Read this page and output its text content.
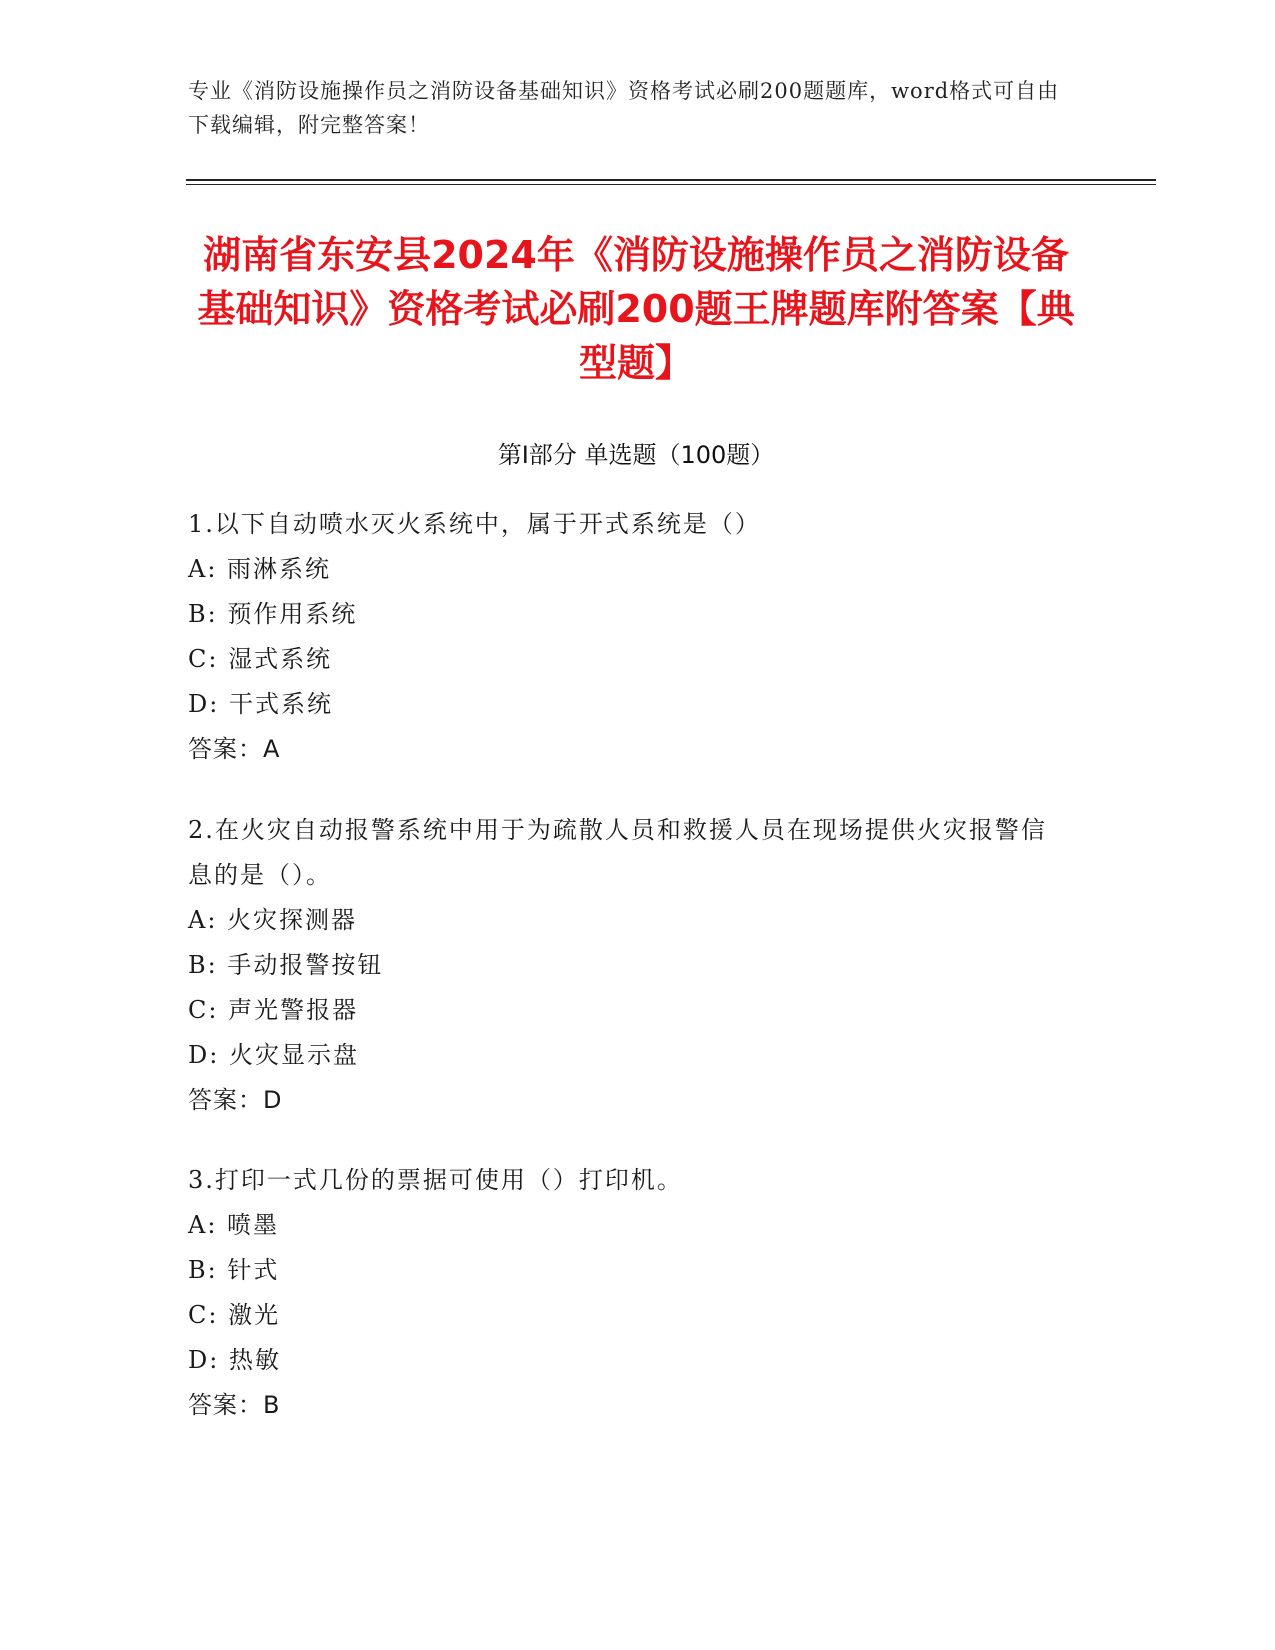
专业《消防设施操作员之消防设备基础知识》资格考试必刷200题题库，word格式可自由下载编辑，附完整答案！
湖南省东安县2024年《消防设施操作员之消防设备基础知识》资格考试必刷200题王牌题库附答案【典型题】
第I部分 单选题（100题）
1.以下自动喷水灭火系统中，属于开式系统是（）
A: 雨淋系统
B: 预作用系统
C: 湿式系统
D: 干式系统
答案：A
2.在火灾自动报警系统中用于为疏散人员和救援人员在现场提供火灾报警信息的是（）。
A: 火灾探测器
B: 手动报警按钮
C: 声光警报器
D: 火灾显示盘
答案：D
3.打印一式几份的票据可使用（）打印机。
A: 喷墨
B: 针式
C: 激光
D: 热敏
答案：B
